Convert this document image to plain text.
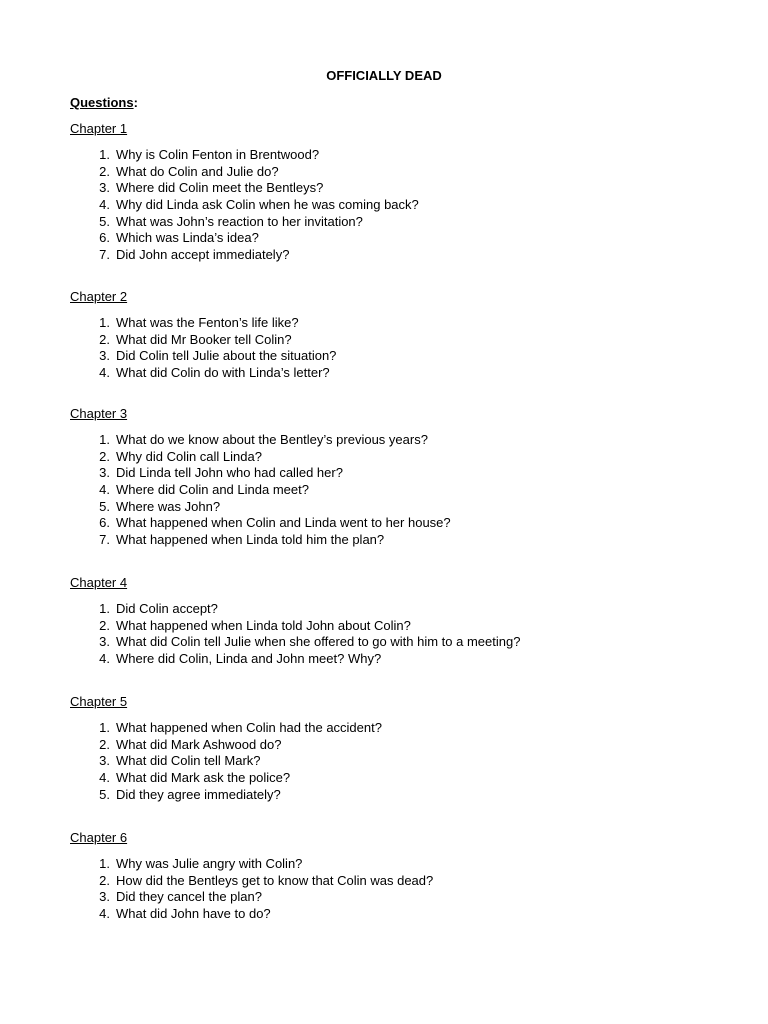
OFFICIALLY DEAD
Questions:
Chapter 1
1. Why is Colin Fenton in Brentwood?
2. What do Colin and Julie do?
3. Where did Colin meet the Bentleys?
4. Why did Linda ask Colin when he was coming back?
5. What was John’s reaction to her invitation?
6. Which was Linda’s idea?
7. Did John accept immediately?
Chapter 2
1. What was the Fenton’s life like?
2. What did Mr Booker tell Colin?
3. Did Colin tell Julie about the situation?
4. What did Colin do with Linda’s letter?
Chapter 3
1. What do we know about the Bentley’s previous years?
2. Why did Colin call Linda?
3. Did Linda tell John who had called her?
4. Where did Colin and Linda meet?
5. Where was John?
6. What happened when Colin and Linda went to her house?
7. What happened when Linda told him the plan?
Chapter 4
1. Did Colin accept?
2. What happened when Linda told John about Colin?
3. What did Colin tell Julie when she offered to go with him to a meeting?
4. Where did Colin, Linda and John meet? Why?
Chapter 5
1. What happened when Colin had the accident?
2. What did Mark Ashwood do?
3. What did Colin tell Mark?
4. What did Mark ask the police?
5. Did they agree immediately?
Chapter 6
1. Why was Julie angry with Colin?
2. How did the Bentleys get to know that Colin was dead?
3. Did they cancel the plan?
4. What did John have to do?
